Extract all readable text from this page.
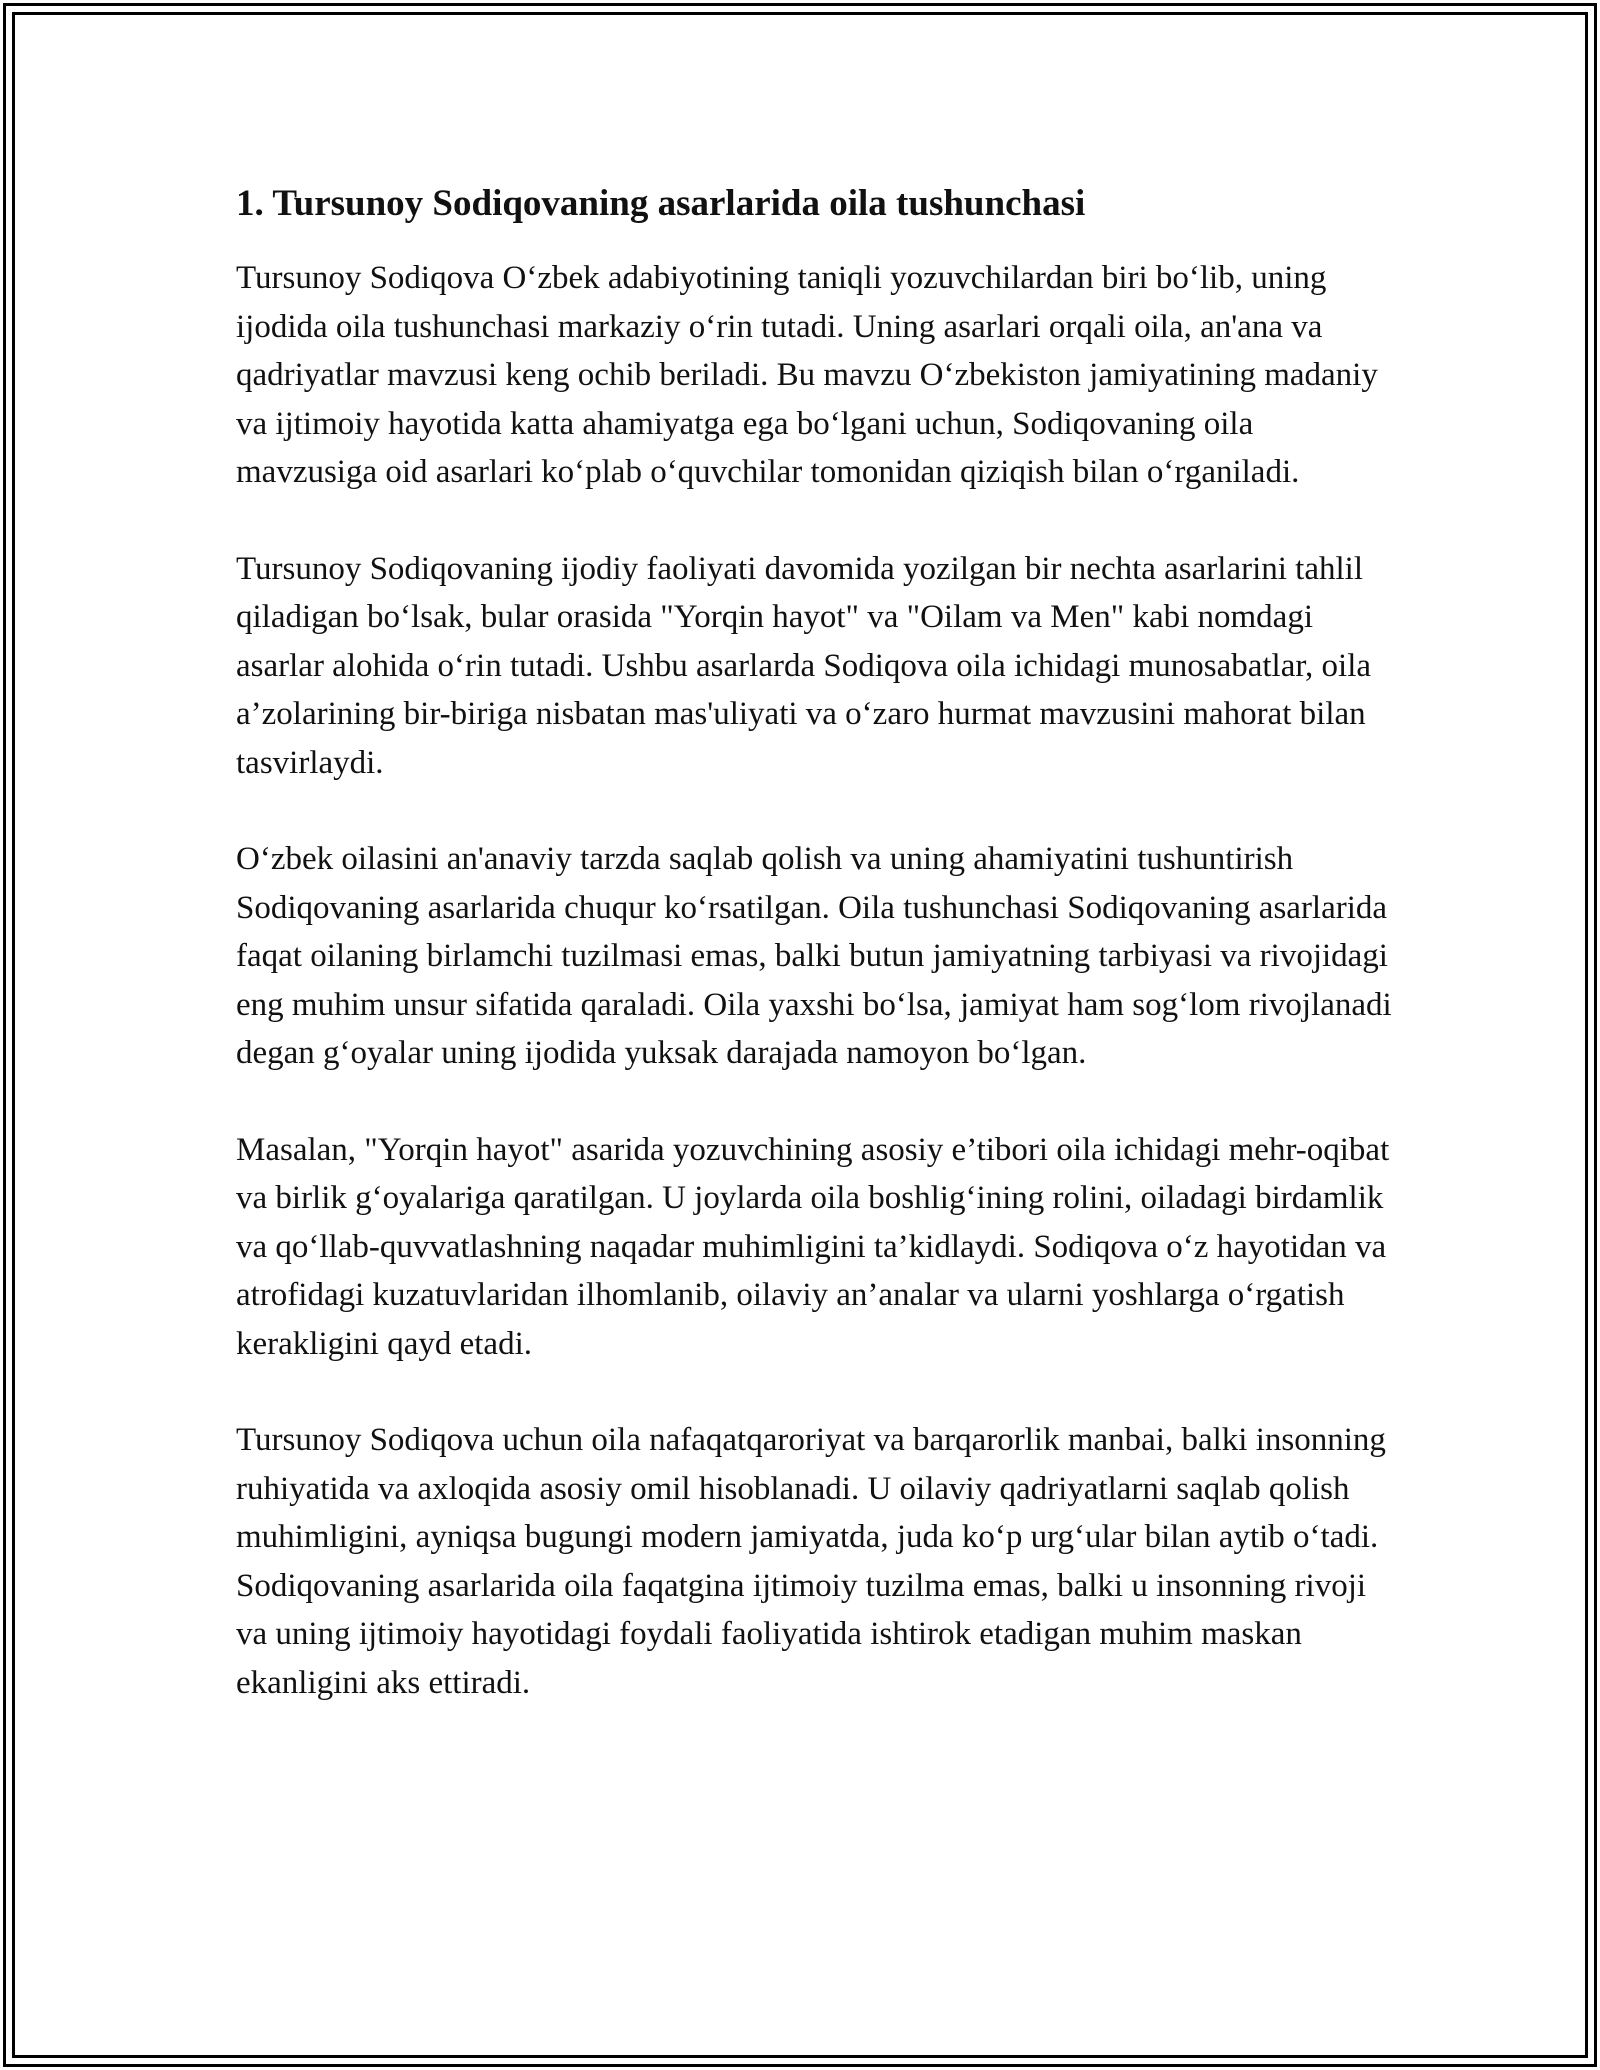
1. Tursunoy Sodiqovaning asarlarida oila tushunchasi

Tursunoy Sodiqova O‘zbek adabiyotining taniqli yozuvchilardan biri bo‘lib, uning ijodida oila tushunchasi markaziy o‘rin tutadi. Uning asarlari orqali oila, an'ana va qadriyatlar mavzusi keng ochib beriladi. Bu mavzu O‘zbekiston jamiyatining madaniy va ijtimoiy hayotida katta ahamiyatga ega bo‘lgani uchun, Sodiqovaning oila mavzusiga oid asarlari ko‘plab o‘quvchilar tomonidan qiziqish bilan o‘rganiladi.

Tursunoy Sodiqovaning ijodiy faoliyati davomida yozilgan bir nechta asarlarini tahlil qiladigan bo‘lsak, bular orasida "Yorqin hayot" va "Oilam va Men" kabi nomdagi asarlar alohida o‘rin tutadi. Ushbu asarlarda Sodiqova oila ichidagi munosabatlar, oila a’zolarining bir-biriga nisbatan mas'uliyati va o‘zaro hurmat mavzusini mahorat bilan tasvirlaydi.

O‘zbek oilasini an'anaviy tarzda saqlab qolish va uning ahamiyatini tushuntirish Sodiqovaning asarlarida chuqur ko‘rsatilgan. Oila tushunchasi Sodiqovaning asarlarida faqat oilaning birlamchi tuzilmasi emas, balki butun jamiyatning tarbiyasi va rivojidagi eng muhim unsur sifatida qaraladi. Oila yaxshi bo‘lsa, jamiyat ham sog‘lom rivojlanadi degan g‘oyalar uning ijodida yuksak darajada namoyon bo‘lgan.

Masalan, "Yorqin hayot" asarida yozuvchining asosiy e’tibori oila ichidagi mehr-oqibat va birlik g‘oyalariga qaratilgan. U joylarda oila boshlig‘ining rolini, oiladagi birdamlik va qo‘llab-quvvatlashning naqadar muhimligini ta’kidlaydi. Sodiqova o‘z hayotidan va atrofidagi kuzatuvlaridan ilhomlanib, oilaviy an’analar va ularni yoshlarga o‘rgatish kerakligini qayd etadi.

Tursunoy Sodiqova uchun oila nafaqatqaroriyat va barqarorlik manbai, balki insonning ruhiyatida va axloqida asosiy omil hisoblanadi. U oilaviy qadriyatlarni saqlab qolish muhimligini, ayniqsa bugungi modern jamiyatda, juda ko‘p urg‘ular bilan aytib o‘tadi. Sodiqovaning asarlarida oila faqatgina ijtimoiy tuzilma emas, balki u insonning rivoji va uning ijtimoiy hayotidagi foydali faoliyatida ishtirok etadigan muhim maskan ekanligini aks ettiradi.
